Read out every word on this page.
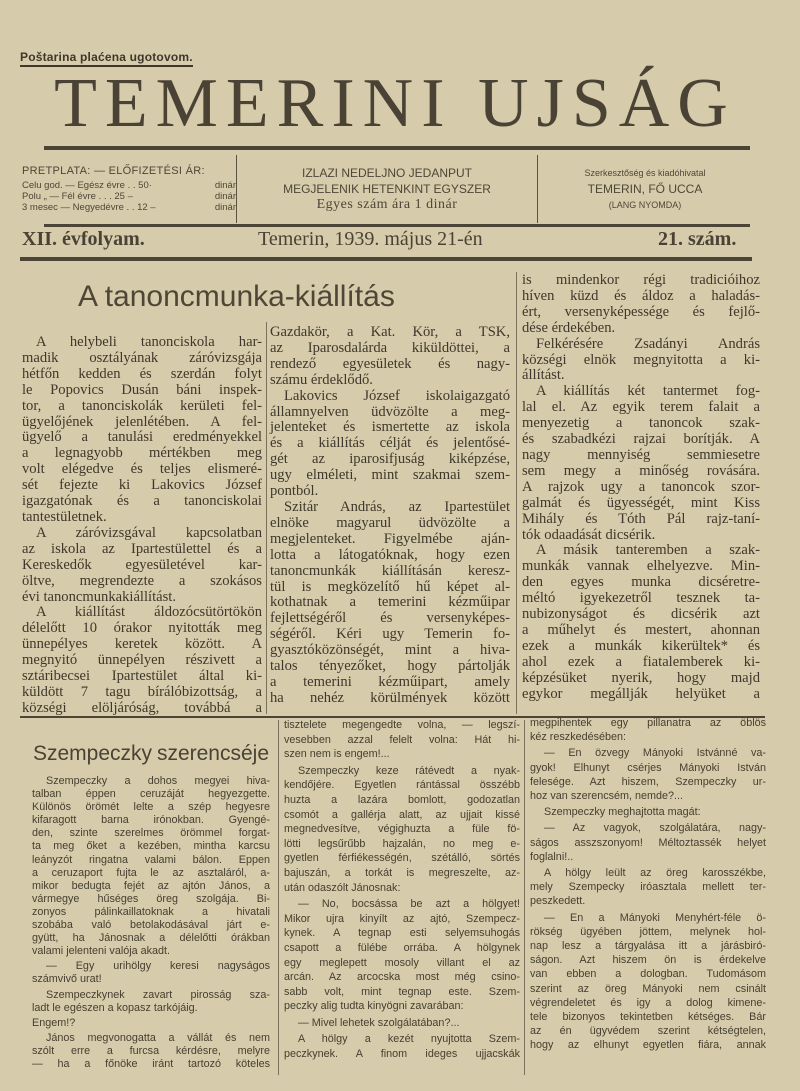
Poštarina plaćena ugotovom.
TEMERINI UJSÁG
PRETPLATA: — ELŐFIZETÉSI ÁR:
Celu god. — Egész évre . . 50·	dinár
Polu „ — Fél évre . . . 25 –	dinár
3 mesec — Negyedévre . . 12 –	dinár
IZLAZI NEDELJNO JEDANPUT
MEGJELENIK HETENKINT EGYSZER
Egyes szám ára 1 dinár
Szerkesztőség és kiadóhivatal
TEMERIN, FŐ UCCA
(LANG NYOMDA)
XII. évfolyam.	Temerin, 1939. május 21-én	21. szám.
A tanoncmunka-kiállítás
A helybeli tanonciskola har-
madik osztályának záróvizsgája
hétfőn kedden és szerdán folyt
le Popovics Dusán báni inspek-
tor, a tanonciskolák kerületi fel-
ügyelőjének jelenlétében. A fel-
ügyelő a tanulási eredményekkel
a legnagyobb mértékben meg
volt elégedve és teljes elismeré-
sét fejezte ki Lakovics József
igazgatónak és a tanonciskolai
tantestületnek.
A záróvizsgával kapcsolatban
az iskola az Ipartestülettel és a
Kereskedők egyesületével kar-
öltve, megrendezte a szokásos
évi tanoncmunkakiállítást.
A kiállítást áldozócsütörtökön
délelőtt 10 órakor nyitották meg
ünnepélyes keretek között. A
megnyitó ünnepélyen részivett a
sztáribecsei Ipartestület által ki-
küldött 7 tagu bírálóbizottság, a
községi elöljáróság, továbbá a
Gazdakör, a Kat. Kör, a TSK,
az Iparosdalárda kiküldöttei, a
rendező egyesületek és nagy-
számu érdeklődő.
Lakovics József iskolaigazgató
államnyelven üdvözölte a meg-
jelenteket és ismertette az iskola
és a kiállítás célját és jelentősé-
gét az iparosifjuság kiképzése,
ugy elméleti, mint szakmai szem-
pontból.
Szitár András, az Ipartestület
elnöke magyarul üdvözölte a
megjelenteket. Figyelmébe aján-
lotta a látogatóknak, hogy ezen
tanoncmunkák kiállításán keresz-
tül is megközelítő hű képet al-
kothatnak a temerini kézműipar
fejlettségéről és versenyképes-
ségéről. Kéri ugy Temerin fo-
gyasztóközönségét, mint a hiva-
talos tényezőket, hogy pártolják
a temerini kézműipart, amely
ha nehéz körülmények között
is mindenkor régi tradicióihoz
híven küzd és áldoz a haladás-
ért, versenyképessége és fejlő-
dése érdekében.
Felkérésére Zsadányi András
községi elnök megnyitotta a ki-
állítást.
A kiállítás két tantermet fog-
lal el. Az egyik terem falait a
menyezetig a tanoncok szak-
és szabadkézi rajzai borítják. A
nagy mennyiség semmiesetre
sem megy a minőség rovására.
A rajzok ugy a tanoncok szor-
galmát és ügyességét, mint Kiss
Mihály és Tóth Pál rajz-taní-
tók odaadását dicsérik.
A másik tanteremben a szak-
munkák vannak elhelyezve. Min-
den egyes munka dicséretre-
méltó igyekezetről tesznek ta-
nubizonyságot és dicsérik azt
a műhelyt és mestert, ahonnan
ezek a munkák kikerültek* és
ahol ezek a fiatalemberek ki-
képzésüket nyerik, hogy majd
egykor megállják helyüket a
Szempeczky szerencséje
Szempeczky a dohos megyei hiva-
talban éppen ceruzáját hegyezgette.
Különös örömét lelte a szép hegyesre
kifaragott barna irónokban. Gyengé-
den, szinte szerelmes örömmel forgat-
ta meg őket a kezében, mintha karcsu
leányzót ringatna valami bálon. Eppen
a ceruzaport fujta le az asztaláról, a-
mikor bedugta fejét az ajtón János, a
vármegye hűséges öreg szolgája. Bi-
zonyos pálinkaillatoknak a hivatali
szobába való betolakodásával járt e-
gyütt, ha Jánosnak a délelőtti órákban
valami jelenteni valója akadt.
— Egy urihölgy keresi nagyságos
számvivő urat!
Szempeczkynek zavart pirosság sza-
ladt le egészen a kopasz tarkójáig.
Engem!?
János megvonogatta a vállát és nem
szólt erre a furcsa kérdésre, melyre
— ha a főnöke iránt tartozó köteles
tisztelete megengedte volna, — legszí-
vesebben azzal felelt volna: Hát hi-
szen nem is engem!...
Szempeczky keze rátévedt a nyak-
kendőjére. Egyetlen rántással összébb
huzta a lazára bomlott, godozatlan
csomót a gallérja alatt, az ujjait kissé
megnedvesítve, végighuzta a füle fö-
lötti legsűrűbb hajzalán, no meg e-
gyetlen férfiékességén, szétálló, sörtés
bajuszán, a torkát is megreszelte, az-
után odaszólt Jánosnak:
— No, bocsássa be azt a hölgyet!
Mikor ujra kinyílt az ajtó, Szempecz-
kynek. A tegnap esti selyemsuhogás
csapott a fülébe orrába. A hölgynek
egy meglepett mosoly villant el az
arcán. Az arcocska most még csino-
sabb volt, mint tegnap este. Szem-
peczky alig tudta kinyögni zavarában:
— Mivel lehetek szolgálatában?...
A hölgy a kezét nyujtotta Szem-
peczkynek. A finom ideges ujjacskák
megpihentek egy pillanatra az öblös
kéz reszkedésében:
— En özvegy Mányoki Istvánné va-
gyok! Elhunyt csérjes Mányoki István
felesége. Azt hiszem, Szempeczky ur-
hoz van szerencsém, nemde?...
Szempeczky meghajtotta magát:
— Az vagyok, szolgálatára, nagy-
ságos asszszonyom! Méltoztassék helyet
foglalni!..
A hölgy leült az öreg karosszékbe,
mely Szempecky iróasztala mellett ter-
peszkedett.
— En a Mányoki Menyhért-féle ö-
rökség ügyében jöttem, melynek hol-
nap lesz a tárgyalása itt a járásbiró-
ságon. Azt hiszem ön is érdekelve
van ebben a dologban. Tudomásom
szerint az öreg Mányoki nem csinált
végrendeletet és igy a dolog kimene-
tele bizonyos tekintetben kétséges. Bár
az én ügyvédem szerint kétségtelen,
hogy az elhunyt egyetlen fiára, annak
